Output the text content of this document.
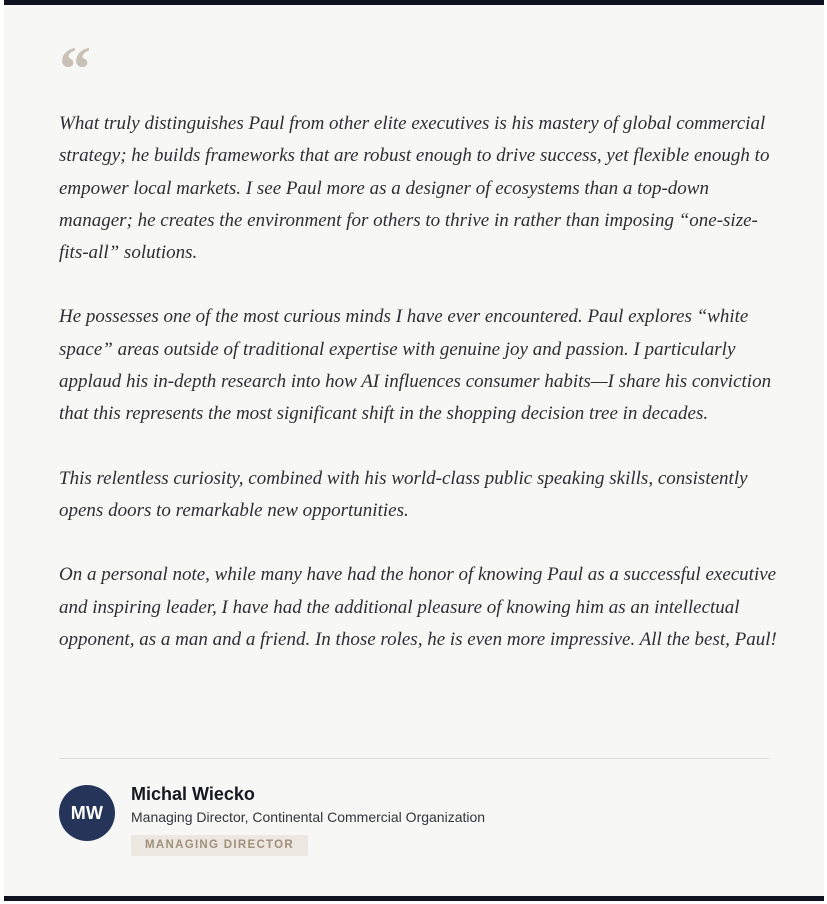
“

What truly distinguishes Paul from other elite executives is his mastery of global commercial strategy; he builds frameworks that are robust enough to drive success, yet flexible enough to empower local markets. I see Paul more as a designer of ecosystems than a top-down manager; he creates the environment for others to thrive in rather than imposing “one-size-fits-all” solutions.

He possesses one of the most curious minds I have ever encountered. Paul explores “white space” areas outside of traditional expertise with genuine joy and passion. I particularly applaud his in-depth research into how AI influences consumer habits—I share his conviction that this represents the most significant shift in the shopping decision tree in decades.

This relentless curiosity, combined with his world-class public speaking skills, consistently opens doors to remarkable new opportunities.

On a personal note, while many have had the honor of knowing Paul as a successful executive and inspiring leader, I have had the additional pleasure of knowing him as an intellectual opponent, as a man and a friend. In those roles, he is even more impressive. All the best, Paul!

MW
Michal Wiecko
Managing Director, Continental Commercial Organization
MANAGING DIRECTOR
